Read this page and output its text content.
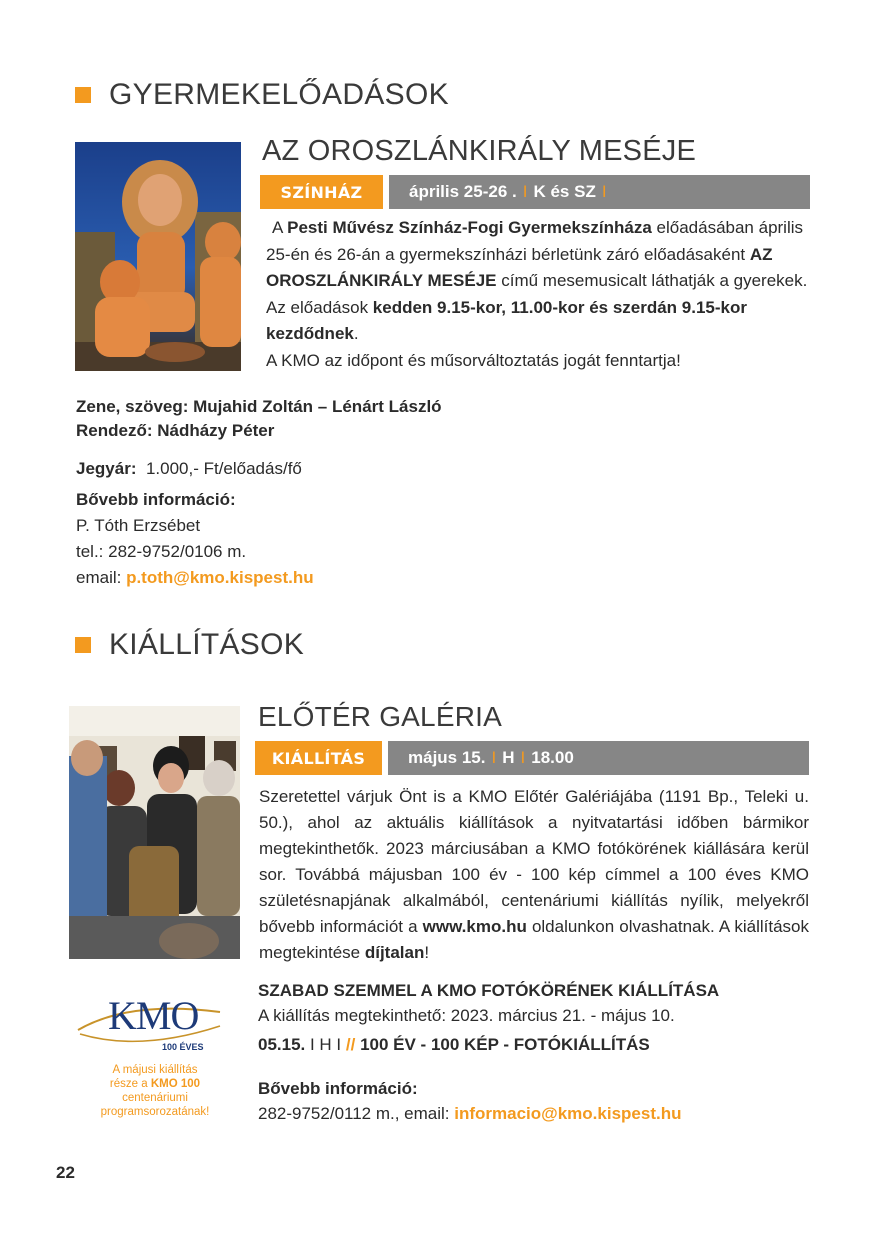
GYERMEKELŐADÁSOK
AZ OROSZLÁNKIRÁLY MESÉJE
SZÍNHÁZ	április 25-26 . I K és SZ I
A Pesti Művész Színház-Fogi Gyermekszínháza előadásában április 25-én és 26-án a gyermekszínházi bérletünk záró előadásaként AZ OROSZLÁNKIRÁLY MESÉJE című mesemusicalt láthatják a gyerekek. Az előadások kedden 9.15-kor, 11.00-kor és szerdán 9.15-kor kezdődnek.
A KMO az időpont és műsorváltoztatás jogát fenntartja!
Zene, szöveg: Mujahid Zoltán – Lénárt László
Rendező: Nádházy Péter
Jegyár: 1.000,- Ft/előadás/fő
Bővebb információ:
P. Tóth Erzsébet
tel.: 282-9752/0106 m.
email: p.toth@kmo.kispest.hu
KIÁLLÍTÁSOK
ELŐTÉR GALÉRIA
KIÁLLÍTÁS	május 15. I H I 18.00
Szeretettel várjuk Önt is a KMO Előtér Galériájába (1191 Bp., Teleki u. 50.), ahol az aktuális kiállítások a nyitvatartási időben bármikor megtekinthetők. 2023 márciusában a KMO fotókörének kiállására kerül sor. Továbbá májusban 100 év - 100 kép címmel a 100 éves KMO születésnapjának alkalmából, centenáriumi kiállítás nyílik, melyekről bővebb információt a www.kmo.hu oldalunkon olvashatnak. A kiállítások megtekintése díjtalan!
SZABAD SZEMMEL A KMO FOTÓKÖRÉNEK KIÁLLÍTÁSA
A kiállítás megtekinthető: 2023. március 21. - május 10.
05.15. I H I // 100 ÉV - 100 KÉP - FOTÓKIÁLLÍTÁS
Bővebb információ:
282-9752/0112 m., email: informacio@kmo.kispest.hu
KMO
100 ÉVES
A májusi kiállítás
része a KMO 100
centenáriumi
programsorozatának!
22
